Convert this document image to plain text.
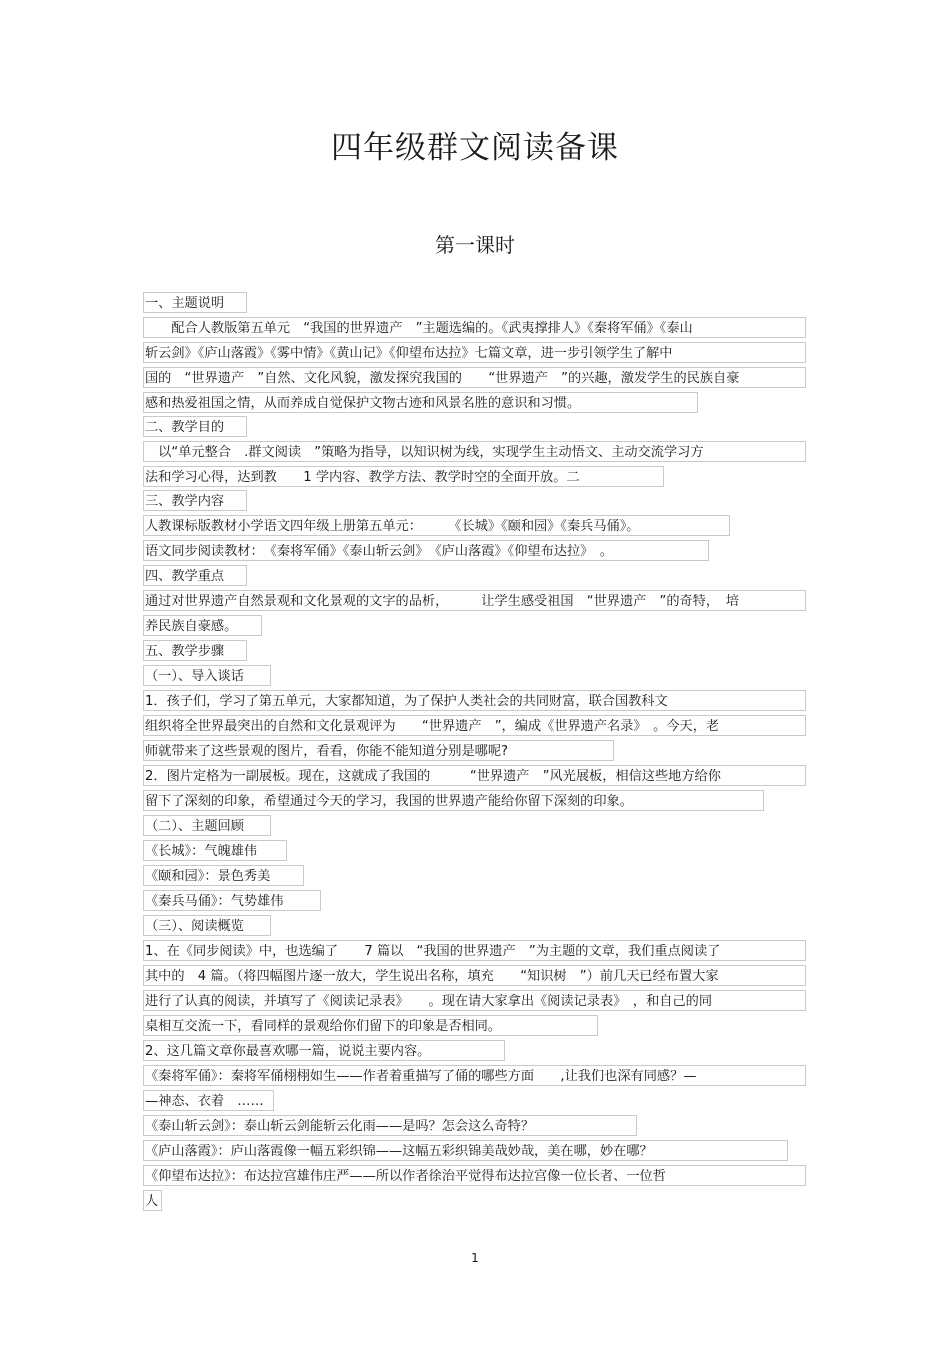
四年级群文阅读备课
第一课时
一、主题说明
　　配合人教版第五单元　“我国的世界遗产　”主题选编的。《武夷撑排人》《秦将军俑》《泰山
斩云剑》《庐山落霞》《雾中情》《黄山记》《仰望布达拉》七篇文章，进一步引领学生了解中
国的　“世界遗产　”自然、文化风貌，激发探究我国的　　“世界遗产　”的兴趣，激发学生的民族自豪
感和热爱祖国之情，从而养成自觉保护文物古迹和风景名胜的意识和习惯。
二、教学目的
　以“单元整合　.群文阅读　”策略为指导，以知识树为线，实现学生主动悟文、主动交流学习方
法和学习心得，达到教　　1 学内容、教学方法、教学时空的全面开放。二
三、教学内容
人教课标版教材小学语文四年级上册第五单元：　　　《长城》《颐和园》《秦兵马俑》。
语文同步阅读教材：　《秦将军俑》《泰山斩云剑》　《庐山落霞》《仰望布达拉》　。
四、教学重点
通过对世界遗产自然景观和文化景观的文字的品析，　　　让学生感受祖国　“世界遗产　”的奇特，　培
养民族自豪感。
五、教学步骤
（一）、导入谈话
1．孩子们，学习了第五单元，大家都知道，为了保护人类社会的共同财富，联合国教科文
组织将全世界最突出的自然和文化景观评为　　“世界遗产　”，编成《世界遗产名录》　。今天，老
师就带来了这些景观的图片，看看，你能不能知道分别是哪呢?
2．图片定格为一副展板。现在，这就成了我国的　　　“世界遗产　”风光展板，相信这些地方给你
留下了深刻的印象，希望通过今天的学习，我国的世界遗产能给你留下深刻的印象。
（二）、主题回顾
《长城》：气魄雄伟
《颐和园》：景色秀美
《秦兵马俑》：气势雄伟
（三）、阅读概览
1、在《同步阅读》中，也选编了　　7 篇以　“我国的世界遗产　”为主题的文章，我们重点阅读了
其中的　4 篇。（将四幅图片逐一放大，学生说出名称，填充　　“知识树　”）前几天已经布置大家
进行了认真的阅读，并填写了《阅读记录表》　　。现在请大家拿出《阅读记录表》　，和自己的同
桌相互交流一下，看同样的景观给你们留下的印象是否相同。
2、这几篇文章你最喜欢哪一篇，说说主要内容。
《秦将军俑》：秦将军俑栩栩如生——作者着重描写了俑的哪些方面　　,让我们也深有同感？—
—神态、衣着　……
《泰山斩云剑》：泰山斩云剑能斩云化雨——是吗？怎会这么奇特？
《庐山落霞》：庐山落霞像一幅五彩织锦——这幅五彩织锦美哉妙哉，美在哪，妙在哪？
《仰望布达拉》：布达拉宫雄伟庄严——所以作者徐治平觉得布达拉宫像一位长者、一位哲
人
1
